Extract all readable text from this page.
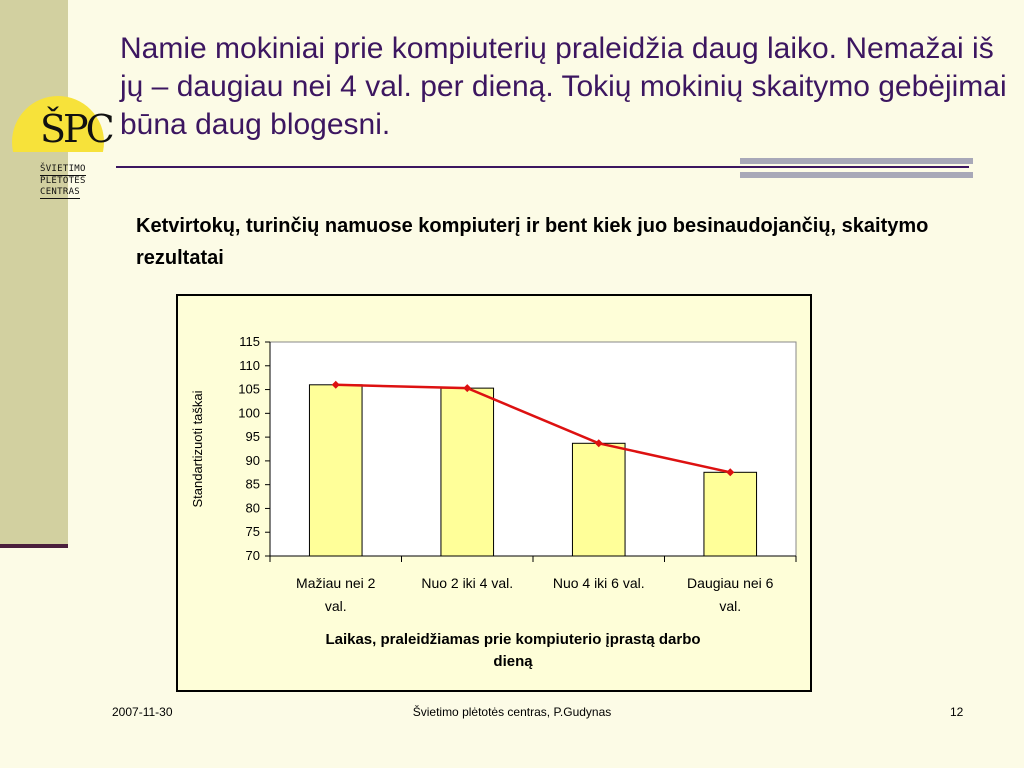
ŠPC
ŠVIETIMO
PLĖTOTĖS
CENTRAS
Namie mokiniai prie kompiuterių praleidžia daug laiko. Nemažai iš jų – daugiau nei 4 val. per dieną. Tokių mokinių skaitymo gebėjimai būna daug blogesni.

Ketvirtokų, turinčių namuose kompiuterį ir bent kiek juo besinaudojančių, skaitymo rezultatai

70
75
80
85
90
95
100
105
110
115
Mažiau nei 2
val.
Nuo 2 iki 4 val.	Nuo 4 iki 6 val.	Daugiau nei 6
val.
Laikas, praleidžiamas prie kompiuterio įprastą darbo
dieną
Standartizuoti taškai
2007-11-30	Švietimo plėtotės centras, P.Gudynas	12
